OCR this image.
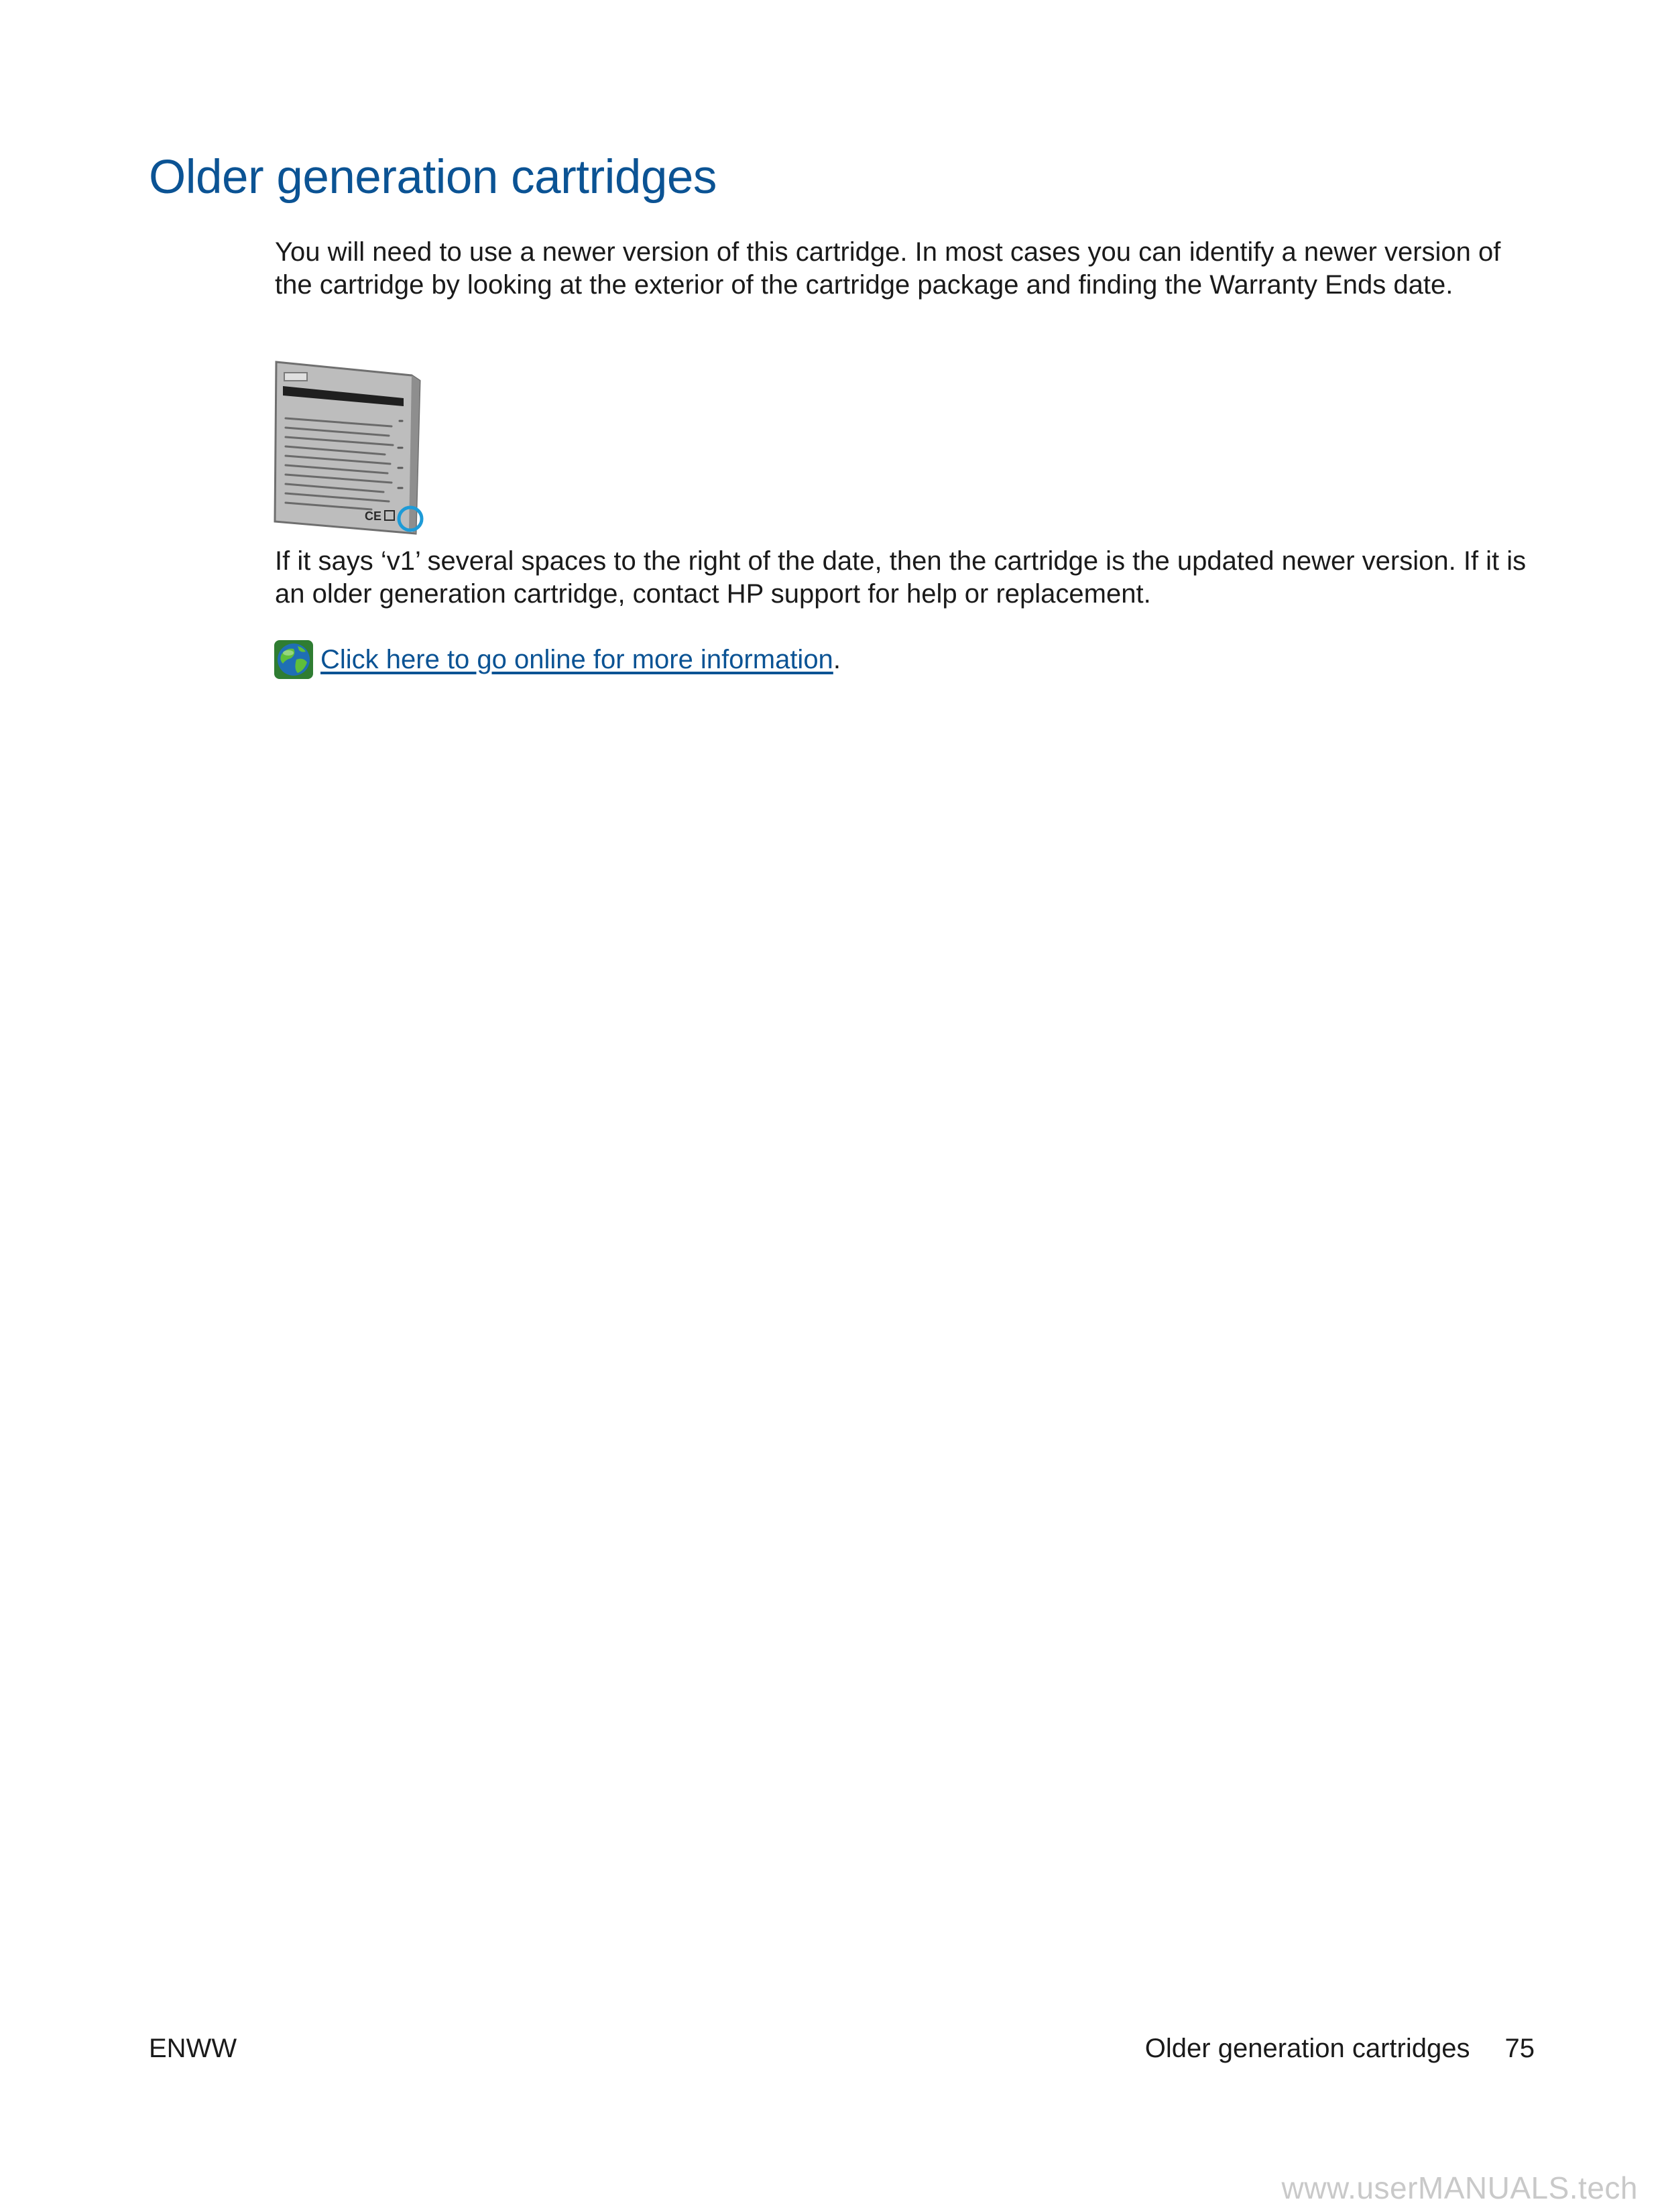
Older generation cartridges

You will need to use a newer version of this cartridge. In most cases you can identify a newer version of the cartridge by looking at the exterior of the cartridge package and finding the Warranty Ends date.

CE

If it says ‘v1’ several spaces to the right of the date, then the cartridge is the updated newer version. If it is an older generation cartridge, contact HP support for help or replacement.

Click here to go online for more information .
ENWW	Older generation cartridges 75
www.userMANUALS.tech
